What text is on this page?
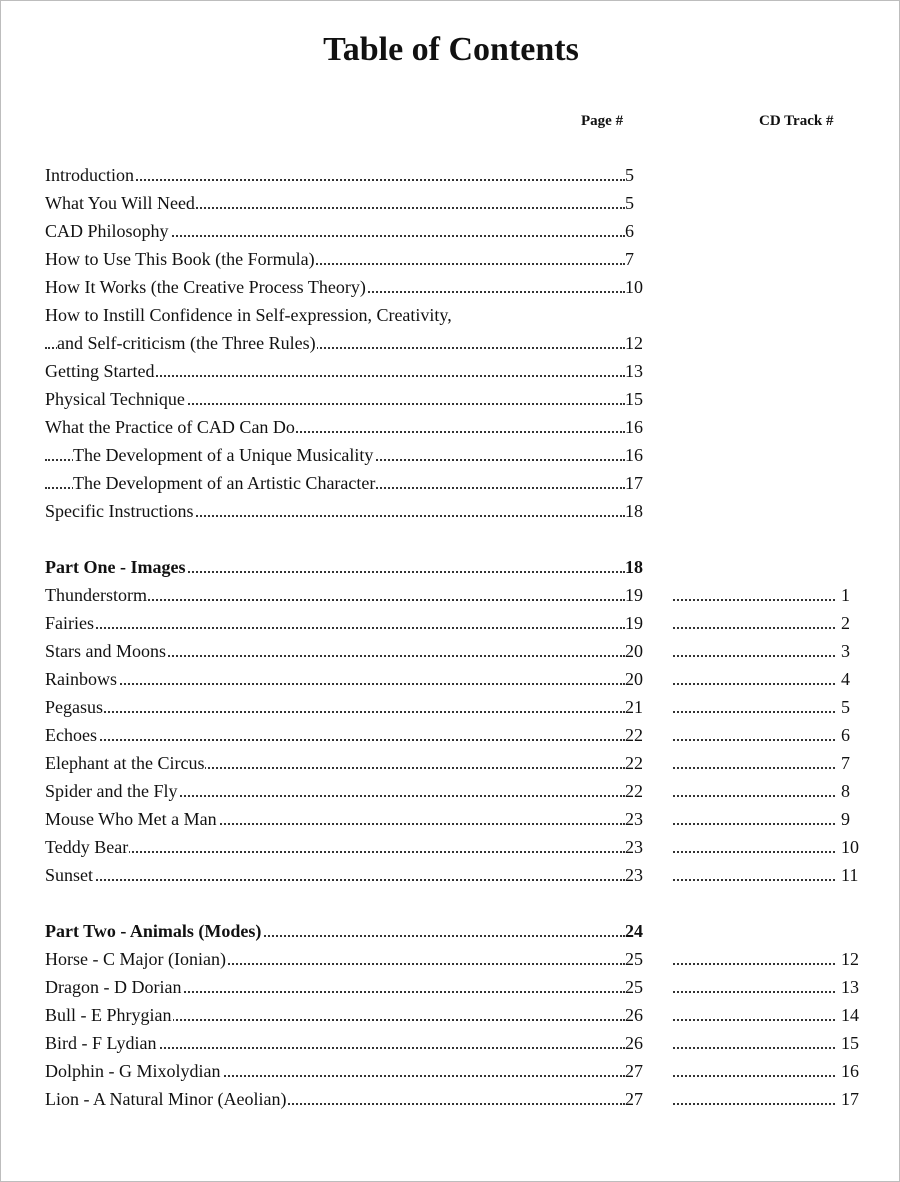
Table of Contents
Page #	CD Track #
Introduction	5
What You Will Need	5
CAD Philosophy	6
How to Use This Book (the Formula)	7
How It Works (the Creative Process Theory)	10
How to Instill Confidence in Self-expression, Creativity,
and Self-criticism (the Three Rules)	12
Getting Started	13
Physical Technique	15
What the Practice of CAD Can Do	16
The Development of a Unique Musicality	16
The Development of an Artistic Character	17
Specific Instructions	18
Part One - Images	18
Thunderstorm	19	1
Fairies	19	2
Stars and Moons	20	3
Rainbows	20	4
Pegasus	21	5
Echoes	22	6
Elephant at the Circus	22	7
Spider and the Fly	22	8
Mouse Who Met a Man	23	9
Teddy Bear	23	10
Sunset	23	11
Part Two - Animals (Modes)	24
Horse - C Major (Ionian)	25	12
Dragon - D Dorian	25	13
Bull - E Phrygian	26	14
Bird - F Lydian	26	15
Dolphin - G Mixolydian	27	16
Lion - A Natural Minor (Aeolian)	27	17
